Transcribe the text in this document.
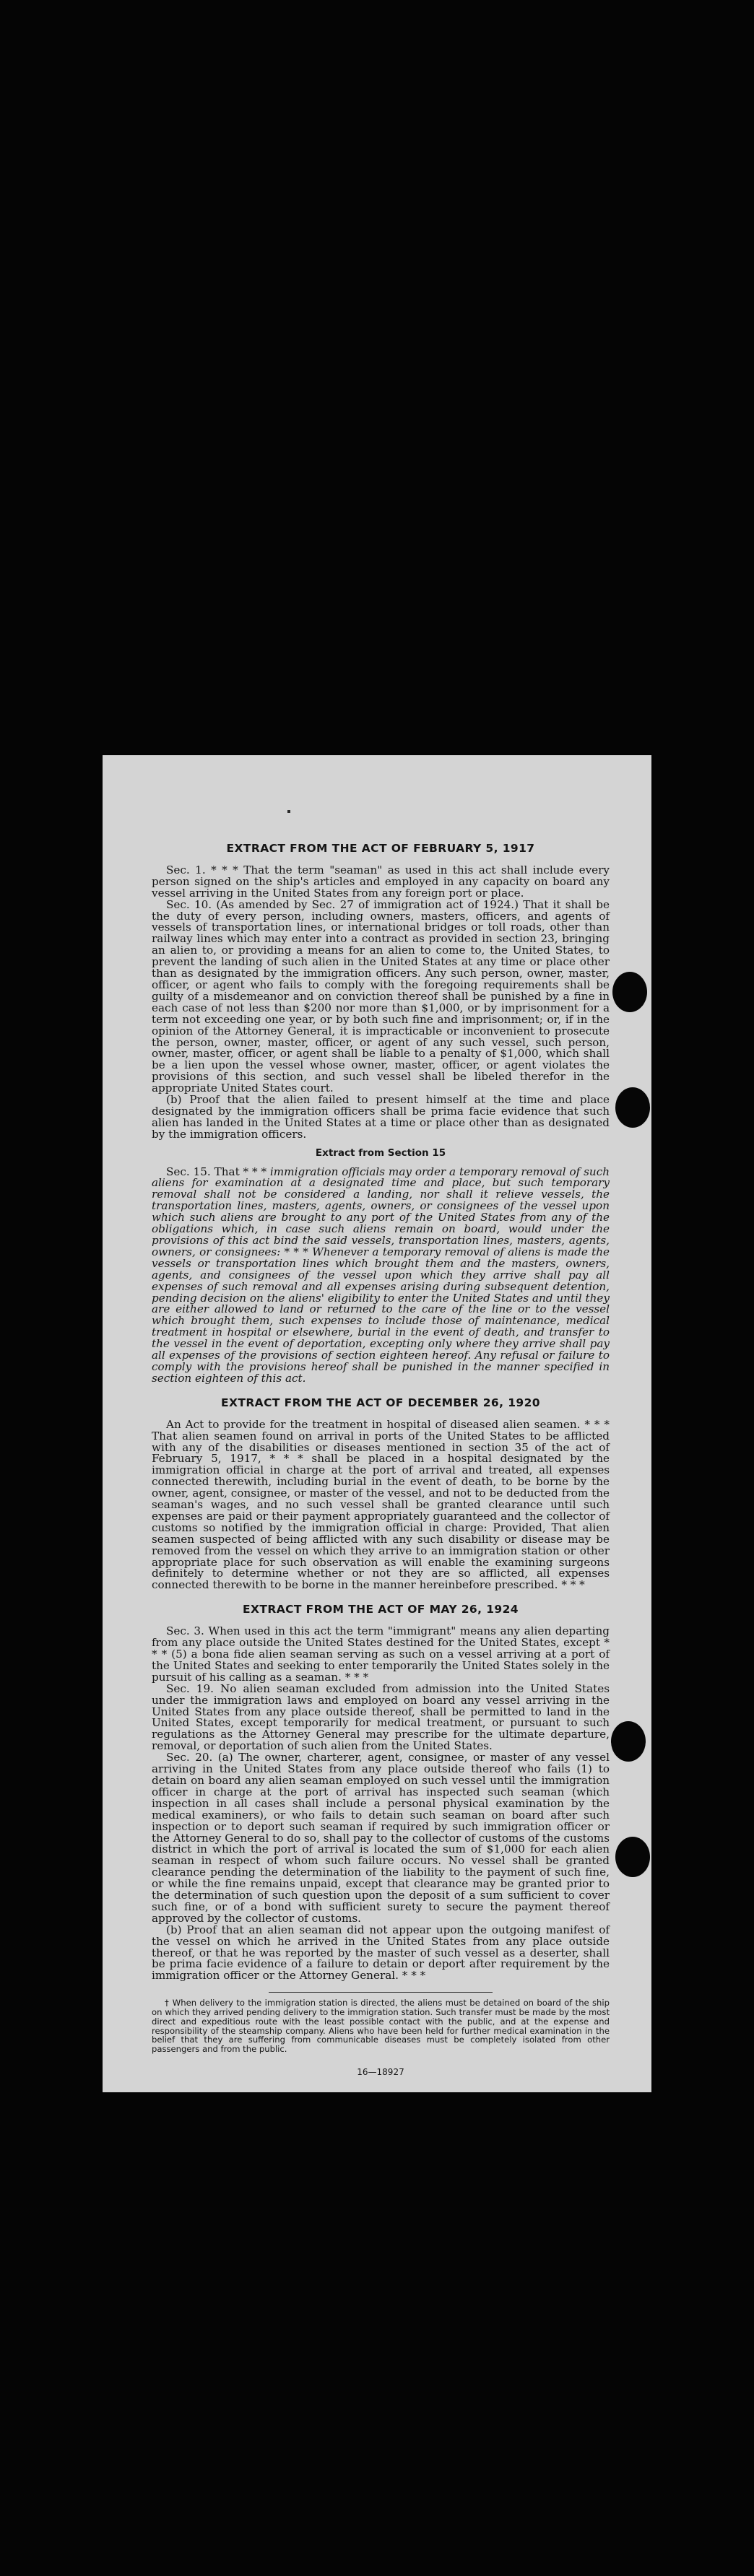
EXTRACT FROM THE ACT OF FEBRUARY 5, 1917

Sec. 1. * * * That the term "seaman" as used in this act shall include every person signed on the ship's articles and employed in any capacity on board any vessel arriving in the United States from any foreign port or place.

Sec. 10. (As amended by Sec. 27 of immigration act of 1924.) That it shall be the duty of every person, including owners, masters, officers, and agents of vessels of transportation lines, or international bridges or toll roads, other than railway lines which may enter into a contract as provided in section 23, bringing an alien to, or providing a means for an alien to come to, the United States, to prevent the landing of such alien in the United States at any time or place other than as designated by the immigration officers. Any such person, owner, master, officer, or agent who fails to comply with the foregoing requirements shall be guilty of a misdemeanor and on conviction thereof shall be punished by a fine in each case of not less than $200 nor more than $1,000, or by imprisonment for a term not exceeding one year, or by both such fine and imprisonment; or, if in the opinion of the Attorney General, it is impracticable or inconvenient to prosecute the person, owner, master, officer, or agent of any such vessel, such person, owner, master, officer, or agent shall be liable to a penalty of $1,000, which shall be a lien upon the vessel whose owner, master, officer, or agent violates the provisions of this section, and such vessel shall be libeled therefor in the appropriate United States court.

(b) Proof that the alien failed to present himself at the time and place designated by the immigration officers shall be prima facie evidence that such alien has landed in the United States at a time or place other than as designated by the immigration officers.

Extract from Section 15

Sec. 15. That * * * immigration officials may order a temporary removal of such aliens for examination at a designated time and place, but such temporary removal shall not be considered a landing, nor shall it relieve vessels, the transportation lines, masters, agents, owners, or consignees of the vessel upon which such aliens are brought to any port of the United States from any of the obligations which, in case such aliens remain on board, would under the provisions of this act bind the said vessels, transportation lines, masters, agents, owners, or consignees: * * * Whenever a temporary removal of aliens is made the vessels or transportation lines which brought them and the masters, owners, agents, and consignees of the vessel upon which they arrive shall pay all expenses of such removal and all expenses arising during subsequent detention, pending decision on the aliens' eligibility to enter the United States and until they are either allowed to land or returned to the care of the line or to the vessel which brought them, such expenses to include those of maintenance, medical treatment in hospital or elsewhere, burial in the event of death, and transfer to the vessel in the event of deportation, excepting only where they arrive shall pay all expenses of the provisions of section eighteen hereof. Any refusal or failure to comply with the provisions hereof shall be punished in the manner specified in section eighteen of this act.

EXTRACT FROM THE ACT OF DECEMBER 26, 1920

An Act to provide for the treatment in hospital of diseased alien seamen. * * * That alien seamen found on arrival in ports of the United States to be afflicted with any of the disabilities or diseases mentioned in section 35 of the act of February 5, 1917, * * * shall be placed in a hospital designated by the immigration official in charge at the port of arrival and treated, all expenses connected therewith, including burial in the event of death, to be borne by the owner, agent, consignee, or master of the vessel, and not to be deducted from the seaman's wages, and no such vessel shall be granted clearance until such expenses are paid or their payment appropriately guaranteed and the collector of customs so notified by the immigration official in charge: Provided, That alien seamen suspected of being afflicted with any such disability or disease may be removed from the vessel on which they arrive to an immigration station or other appropriate place for such observation as will enable the examining surgeons definitely to determine whether or not they are so afflicted, all expenses connected therewith to be borne in the manner hereinbefore prescribed. * * *

EXTRACT FROM THE ACT OF MAY 26, 1924

Sec. 3. When used in this act the term "immigrant" means any alien departing from any place outside the United States destined for the United States, except * * * (5) a bona fide alien seaman serving as such on a vessel arriving at a port of the United States and seeking to enter temporarily the United States solely in the pursuit of his calling as a seaman. * * *

Sec. 19. No alien seaman excluded from admission into the United States under the immigration laws and employed on board any vessel arriving in the United States from any place outside thereof, shall be permitted to land in the United States, except temporarily for medical treatment, or pursuant to such regulations as the Attorney General may prescribe for the ultimate departure, removal, or deportation of such alien from the United States.

Sec. 20. (a) The owner, charterer, agent, consignee, or master of any vessel arriving in the United States from any place outside thereof who fails (1) to detain on board any alien seaman employed on such vessel until the immigration officer in charge at the port of arrival has inspected such seaman (which inspection in all cases shall include a personal physical examination by the medical examiners), or who fails to detain such seaman on board after such inspection or to deport such seaman if required by such immigration officer or the Attorney General to do so, shall pay to the collector of customs of the customs district in which the port of arrival is located the sum of $1,000 for each alien seaman in respect of whom such failure occurs. No vessel shall be granted clearance pending the determination of the liability to the payment of such fine, or while the fine remains unpaid, except that clearance may be granted prior to the determination of such question upon the deposit of a sum sufficient to cover such fine, or of a bond with sufficient surety to secure the payment thereof approved by the collector of customs.

(b) Proof that an alien seaman did not appear upon the outgoing manifest of the vessel on which he arrived in the United States from any place outside thereof, or that he was reported by the master of such vessel as a deserter, shall be prima facie evidence of a failure to detain or deport after requirement by the immigration officer or the Attorney General. * * *

† When delivery to the immigration station is directed, the aliens must be detained on board of the ship on which they arrived pending delivery to the immigration station. Such transfer must be made by the most direct and expeditious route with the least possible contact with the public, and at the expense and responsibility of the steamship company. Aliens who have been held for further medical examination in the belief that they are suffering from communicable diseases must be completely isolated from other passengers and from the public.

16—18927
